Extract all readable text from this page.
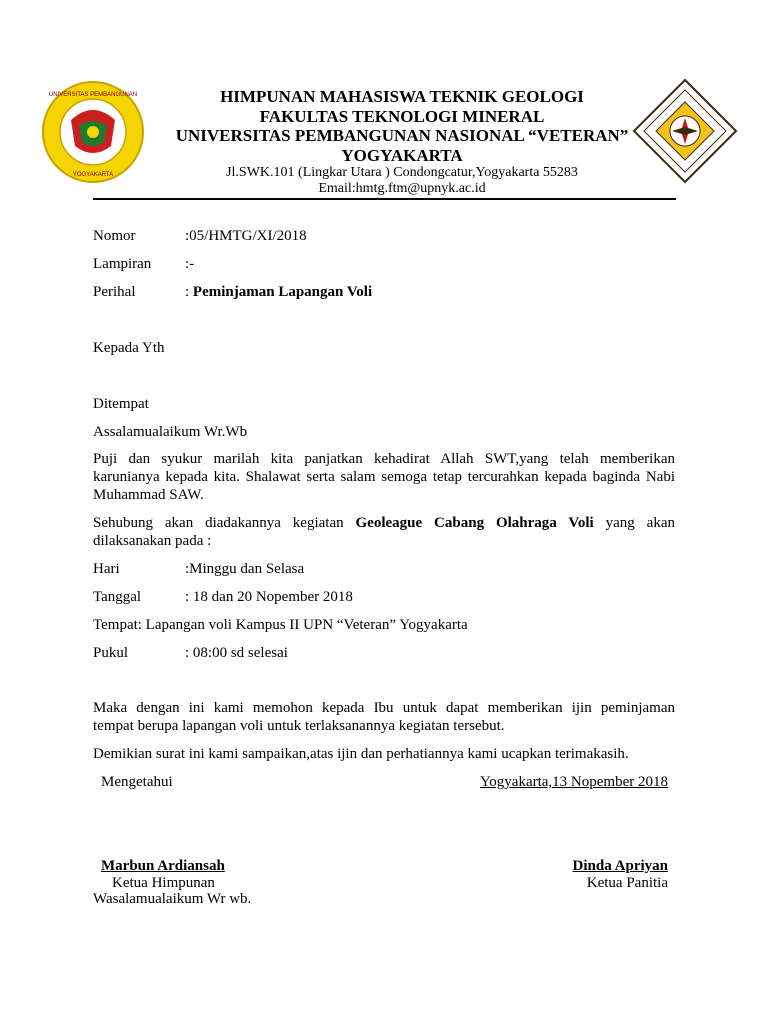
UNIVERSITAS PEMBANGUNAN
YOGYAKARTA
HIMPUNAN MAHASISWA TEKNIK GEOLOGI
FAKULTAS TEKNOLOGI MINERAL
UNIVERSITAS PEMBANGUNAN NASIONAL “VETERAN”
YOGYAKARTA
Jl.SWK.101 (Lingkar Utara ) Condongcatur,Yogyakarta 55283
Email:hmtg.ftm@upnyk.ac.id
Nomor	:05/HMTG/XI/2018
Lampiran :-
Perihal	: Peminjaman Lapangan Voli
Kepada Yth
Ditempat
Assalamualaikum Wr.Wb
Puji dan syukur marilah kita panjatkan kehadirat Allah SWT,yang telah memberikan
karunianya kepada kita. Shalawat serta salam semoga tetap tercurahkan kepada baginda Nabi
Muhammad SAW.
Sehubung akan diadakannya kegiatan Geoleague Cabang Olahraga Voli yang akan
dilaksanakan pada :
Hari	:Minggu dan Selasa
Tanggal	: 18 dan 20 Nopember 2018
Tempat: Lapangan voli Kampus II UPN “Veteran” Yogyakarta
Pukul	: 08:00 sd selesai
Maka dengan ini kami memohon kepada Ibu untuk dapat memberikan ijin peminjaman
tempat berupa lapangan voli untuk terlaksanannya kegiatan tersebut.
Demikian surat ini kami sampaikan,atas ijin dan perhatiannya kami ucapkan terimakasih.
Mengetahui	Yogyakarta,13 Nopember 2018
Marbun Ardiansah	Dinda Apriyan
Ketua Himpunan	Ketua Panitia
Wasalamualaikum Wr wb.
